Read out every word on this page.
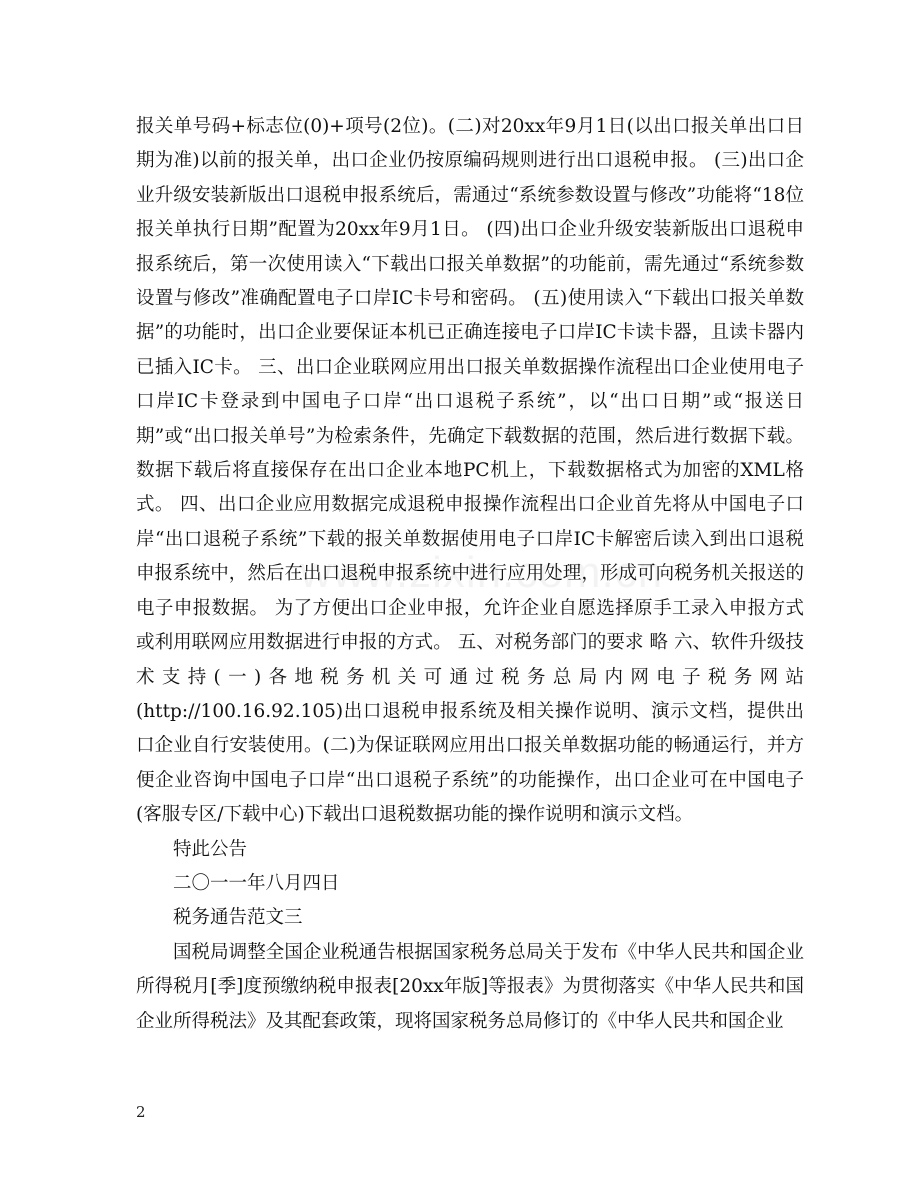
报关单号码+标志位(0)+项号(2位)。(二)对20xx年9月1日(以出口报关单出口日期为准)以前的报关单，出口企业仍按原编码规则进行出口退税申报。 (三)出口企业升级安装新版出口退税申报系统后，需通过“系统参数设置与修改”功能将“18位报关单执行日期”配置为20xx年9月1日。 (四)出口企业升级安装新版出口退税申报系统后，第一次使用读入“下载出口报关单数据”的功能前，需先通过“系统参数设置与修改”准确配置电子口岸IC卡号和密码。 (五)使用读入“下载出口报关单数据”的功能时，出口企业要保证本机已正确连接电子口岸IC卡读卡器，且读卡器内已插入IC卡。 三、出口企业联网应用出口报关单数据操作流程出口企业使用电子口岸IC卡登录到中国电子口岸“出口退税子系统”，以“出口日期”或“报送日期”或“出口报关单号”为检索条件，先确定下载数据的范围，然后进行数据下载。数据下载后将直接保存在出口企业本地PC机上，下载数据格式为加密的XML格式。 四、出口企业应用数据完成退税申报操作流程出口企业首先将从中国电子口岸“出口退税子系统”下载的报关单数据使用电子口岸IC卡解密后读入到出口退税申报系统中，然后在出口退税申报系统中进行应用处理，形成可向税务机关报送的电子申报数据。 为了方便出口企业申报，允许企业自愿选择原手工录入申报方式或利用联网应用数据进行申报的方式。 五、对税务部门的要求 略 六、软件升级技术支持(一)各地税务机关可通过税务总局内网电子税务网站(http://100.16.92.105)出口退税申报系统及相关操作说明、演示文档，提供出口企业自行安装使用。(二)为保证联网应用出口报关单数据功能的畅通运行，并方便企业咨询中国电子口岸“出口退税子系统”的功能操作，出口企业可在中国电子(客服专区/下载中心)下载出口退税数据功能的操作说明和演示文档。

特此公告

二〇一一年八月四日

税务通告范文三

国税局调整全国企业税通告根据国家税务总局关于发布《中华人民共和国企业所得税月[季]度预缴纳税申报表[20xx年版]等报表》为贯彻落实《中华人民共和国企业所得税法》及其配套政策，现将国家税务总局修订的《中华人民共和国企业

2
